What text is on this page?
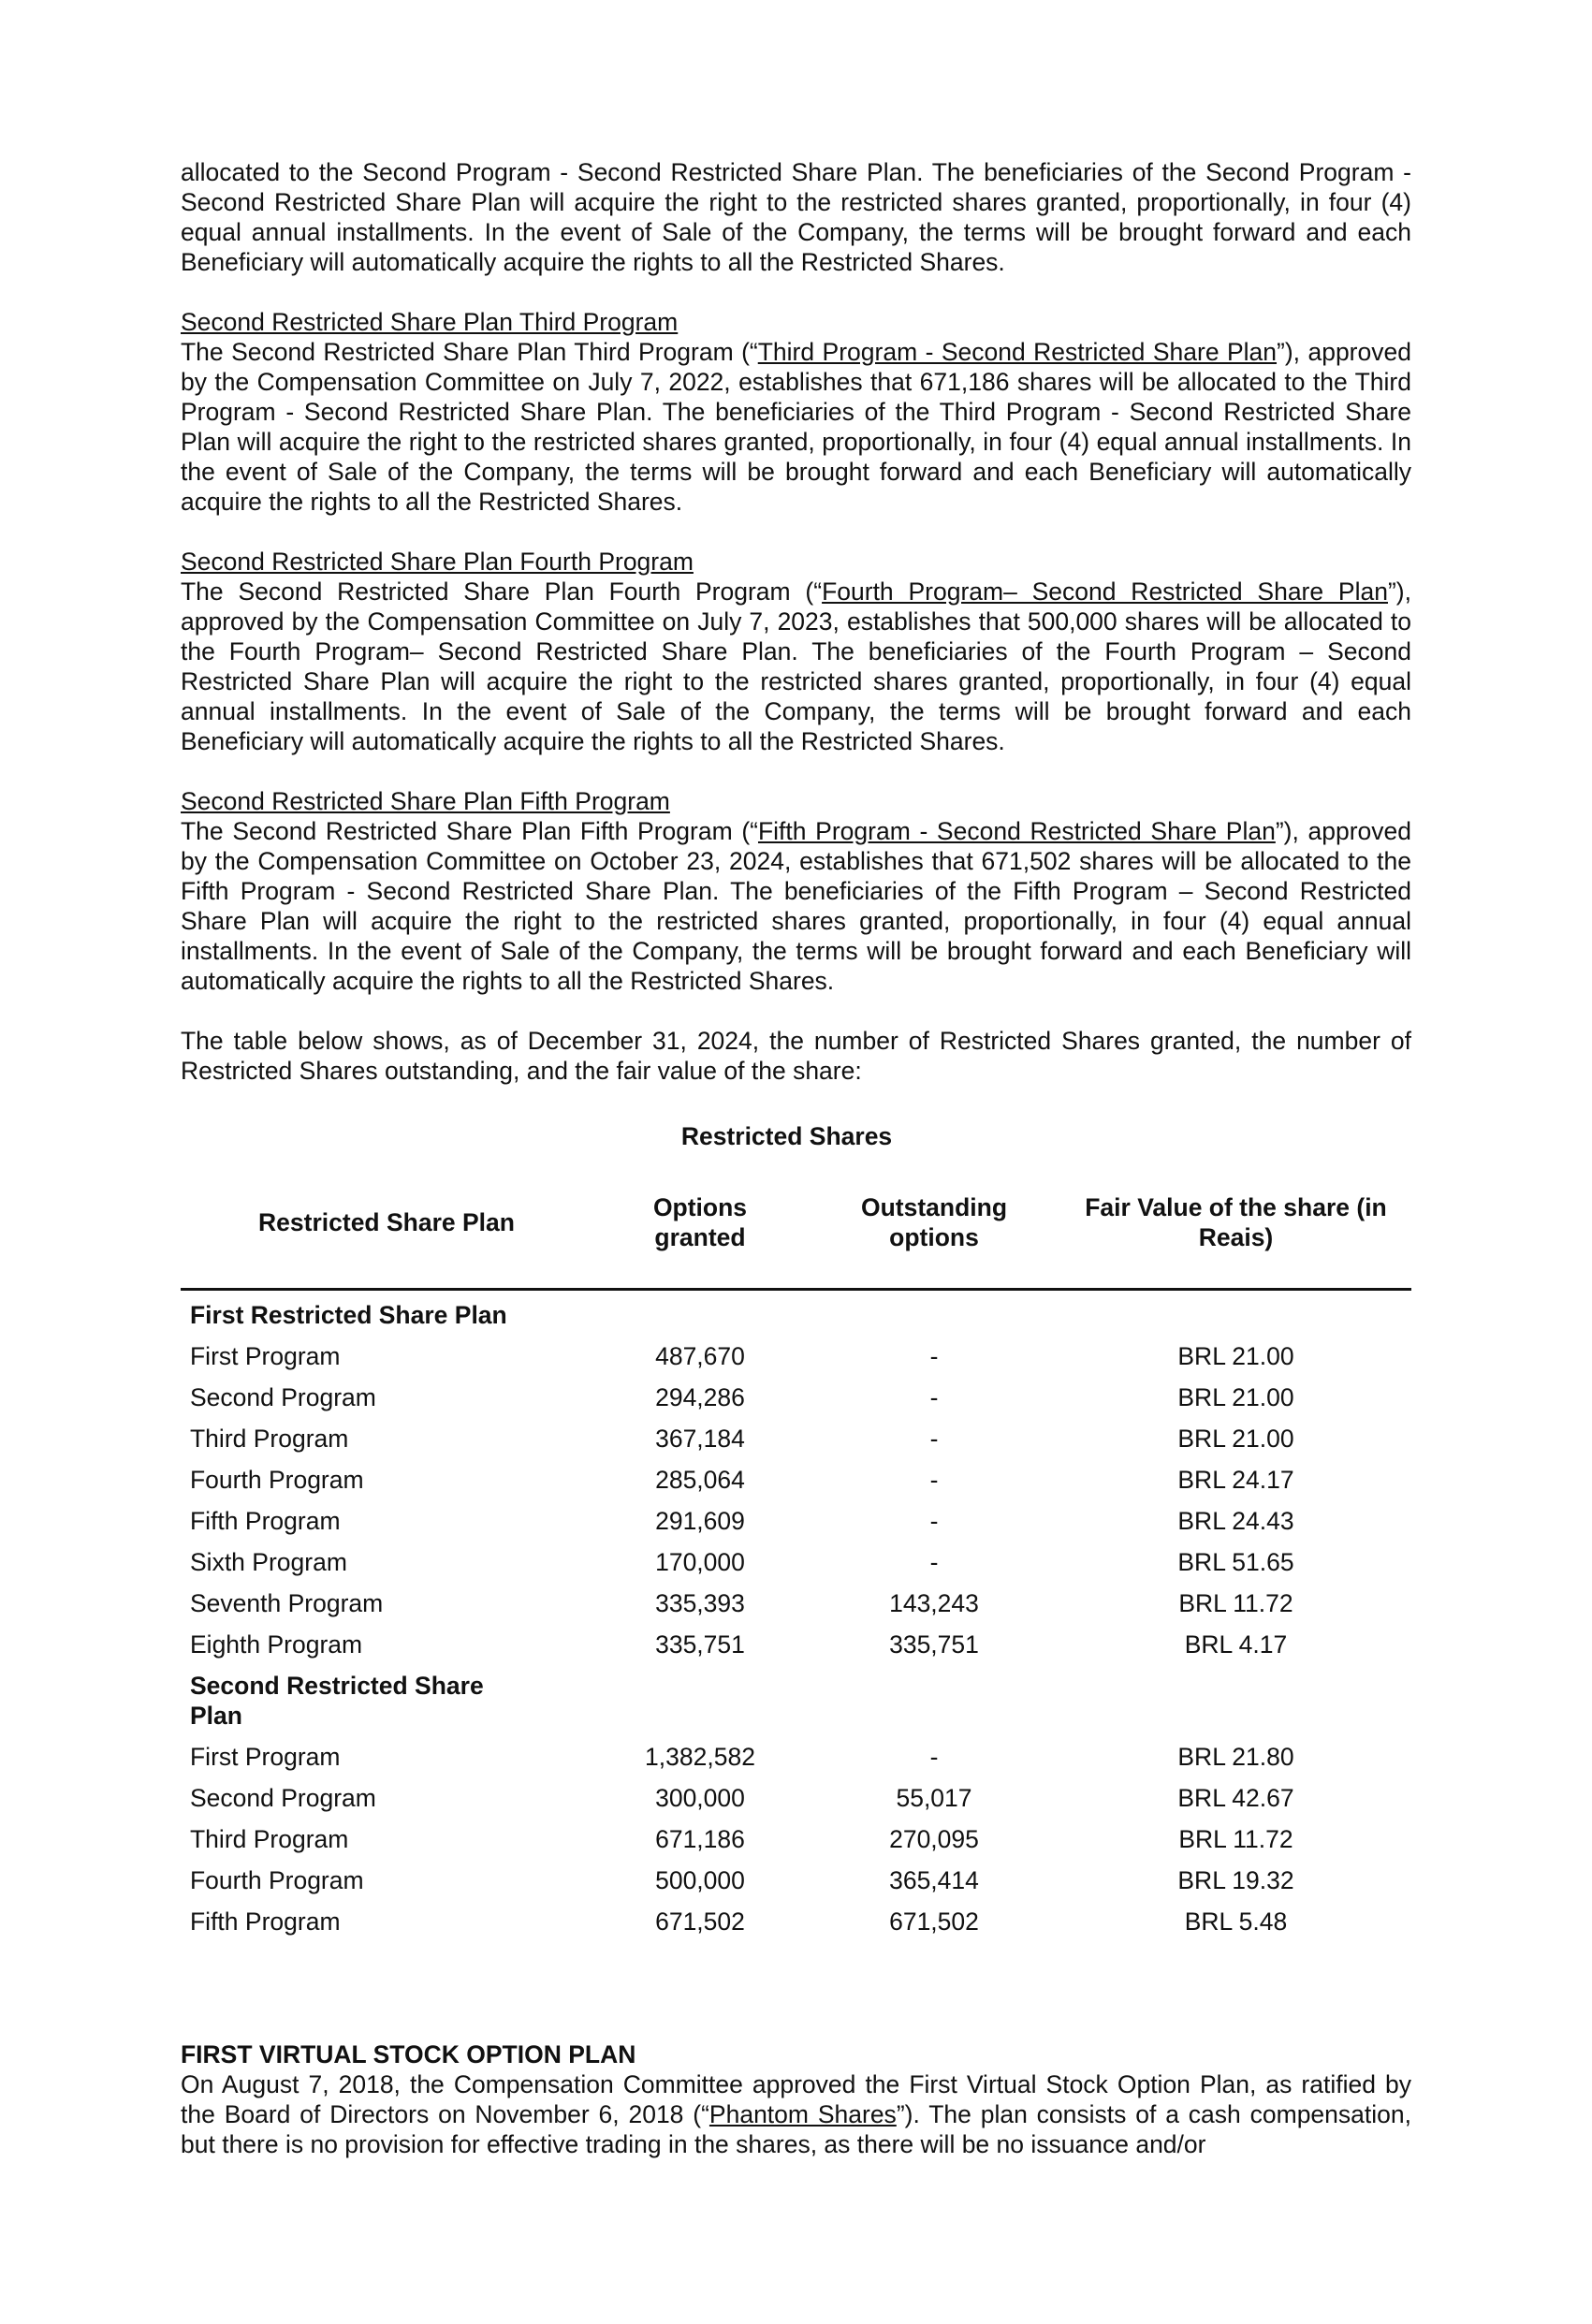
allocated to the Second Program - Second Restricted Share Plan. The beneficiaries of the Second Program - Second Restricted Share Plan will acquire the right to the restricted shares granted, proportionally, in four (4) equal annual installments. In the event of Sale of the Company, the terms will be brought forward and each Beneficiary will automatically acquire the rights to all the Restricted Shares.

Second Restricted Share Plan Third Program

The Second Restricted Share Plan Third Program (“Third Program - Second Restricted Share Plan”), approved by the Compensation Committee on July 7, 2022, establishes that 671,186 shares will be allocated to the Third Program - Second Restricted Share Plan. The beneficiaries of the Third Program - Second Restricted Share Plan will acquire the right to the restricted shares granted, proportionally, in four (4) equal annual installments. In the event of Sale of the Company, the terms will be brought forward and each Beneficiary will automatically acquire the rights to all the Restricted Shares.

Second Restricted Share Plan Fourth Program

The Second Restricted Share Plan Fourth Program (“Fourth Program– Second Restricted Share Plan”), approved by the Compensation Committee on July 7, 2023, establishes that 500,000 shares will be allocated to the Fourth Program– Second Restricted Share Plan. The beneficiaries of the Fourth Program – Second Restricted Share Plan will acquire the right to the restricted shares granted, proportionally, in four (4) equal annual installments. In the event of Sale of the Company, the terms will be brought forward and each Beneficiary will automatically acquire the rights to all the Restricted Shares.

Second Restricted Share Plan Fifth Program

The Second Restricted Share Plan Fifth Program (“Fifth Program - Second Restricted Share Plan”), approved by the Compensation Committee on October 23, 2024, establishes that 671,502 shares will be allocated to the Fifth Program - Second Restricted Share Plan. The beneficiaries of the Fifth Program – Second Restricted Share Plan will acquire the right to the restricted shares granted, proportionally, in four (4) equal annual installments. In the event of Sale of the Company, the terms will be brought forward and each Beneficiary will automatically acquire the rights to all the Restricted Shares.

The table below shows, as of December 31, 2024, the number of Restricted Shares granted, the number of Restricted Shares outstanding, and the fair value of the share:

Restricted Shares
Restricted Share Plan	Options granted	Outstanding options	Fair Value of the share (in Reais)
First Restricted Share Plan			
First Program	487,670	-	BRL 21.00
Second Program	294,286	-	BRL 21.00
Third Program	367,184	-	BRL 21.00
Fourth Program	285,064	-	BRL 24.17
Fifth Program	291,609	-	BRL 24.43
Sixth Program	170,000	-	BRL 51.65
Seventh Program	335,393	143,243	BRL 11.72
Eighth Program	335,751	335,751	BRL 4.17
Second Restricted Share Plan			
First Program	1,382,582	-	BRL 21.80
Second Program	300,000	55,017	BRL 42.67
Third Program	671,186	270,095	BRL 11.72
Fourth Program	500,000	365,414	BRL 19.32
Fifth Program	671,502	671,502	BRL 5.48
FIRST VIRTUAL STOCK OPTION PLAN

On August 7, 2018, the Compensation Committee approved the First Virtual Stock Option Plan, as ratified by the Board of Directors on November 6, 2018 (“Phantom Shares”). The plan consists of a cash compensation, but there is no provision for effective trading in the shares, as there will be no issuance and/or
